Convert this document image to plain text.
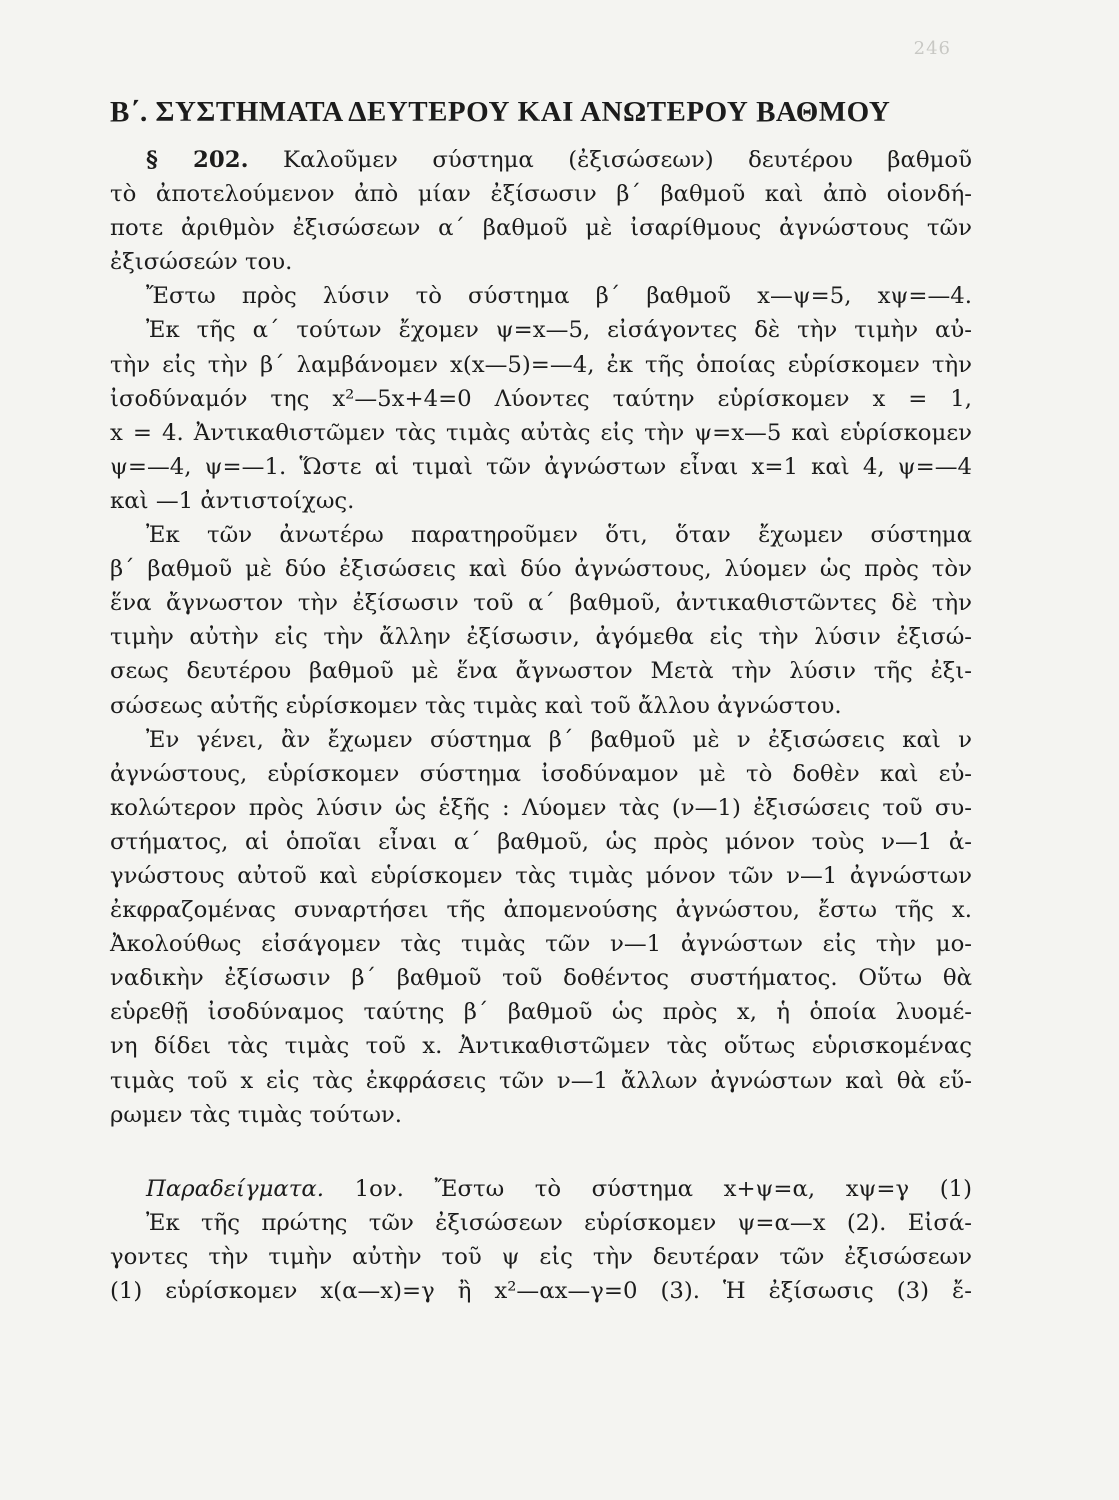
246
Β΄. ΣΥΣΤΗΜΑΤΑ ΔΕΥΤΕΡΟΥ ΚΑΙ ΑΝΩΤΕΡΟΥ ΒΑΘΜΟΥ
§ 202. Καλοῦμεν σύστημα (ἐξισώσεων) δευτέρου βαθμοῦ
τὸ ἀποτελούμενον ἀπὸ μίαν ἐξίσωσιν β΄ βαθμοῦ καὶ ἀπὸ οἱονδή-
ποτε ἀριθμὸν ἐξισώσεων α΄ βαθμοῦ μὲ ἰσαρίθμους ἀγνώστους τῶν
ἐξισώσεών του.
Ἔστω πρὸς λύσιν τὸ σύστημα β΄ βαθμοῦ x—ψ=5, xψ=—4.
Ἐκ τῆς α΄ τούτων ἔχομεν ψ=x—5, εἰσάγοντες δὲ τὴν τιμὴν αὐ-
τὴν εἰς τὴν β΄ λαμβάνομεν x(x—5)=—4, ἐκ τῆς ὁποίας εὑρίσκομεν τὴν
ἰσοδύναμόν της x²—5x+4=0 Λύοντες ταύτην εὑρίσκομεν x = 1,
x = 4. Ἀντικαθιστῶμεν τὰς τιμὰς αὐτὰς εἰς τὴν ψ=x—5 καὶ εὑρίσκομεν
ψ=—4, ψ=—1. Ὥστε αἱ τιμαὶ τῶν ἀγνώστων εἶναι x=1 καὶ 4, ψ=—4
καὶ —1 ἀντιστοίχως.
Ἐκ τῶν ἀνωτέρω παρατηροῦμεν ὅτι, ὅταν ἔχωμεν σύστημα
β΄ βαθμοῦ μὲ δύο ἐξισώσεις καὶ δύο ἀγνώστους, λύομεν ὡς πρὸς τὸν
ἕνα ἄγνωστον τὴν ἐξίσωσιν τοῦ α΄ βαθμοῦ, ἀντικαθιστῶντες δὲ τὴν
τιμὴν αὐτὴν εἰς τὴν ἄλλην ἐξίσωσιν, ἀγόμεθα εἰς τὴν λύσιν ἐξισώ-
σεως δευτέρου βαθμοῦ μὲ ἕνα ἄγνωστον Μετὰ τὴν λύσιν τῆς ἐξι-
σώσεως αὐτῆς εὑρίσκομεν τὰς τιμὰς καὶ τοῦ ἄλλου ἀγνώστου.
Ἐν γένει, ἂν ἔχωμεν σύστημα β΄ βαθμοῦ μὲ ν ἐξισώσεις καὶ ν
ἀγνώστους, εὑρίσκομεν σύστημα ἰσοδύναμον μὲ τὸ δοθὲν καὶ εὐ-
κολώτερον πρὸς λύσιν ὡς ἑξῆς : Λύομεν τὰς (ν—1) ἐξισώσεις τοῦ συ-
στήματος, αἱ ὁποῖαι εἶναι α΄ βαθμοῦ, ὡς πρὸς μόνον τοὺς ν—1 ἀ-
γνώστους αὐτοῦ καὶ εὑρίσκομεν τὰς τιμὰς μόνον τῶν ν—1 ἀγνώστων
ἐκφραζομένας συναρτήσει τῆς ἀπομενούσης ἀγνώστου, ἔστω τῆς x.
Ἀκολούθως εἰσάγομεν τὰς τιμὰς τῶν ν—1 ἀγνώστων εἰς τὴν μο-
ναδικὴν ἐξίσωσιν β΄ βαθμοῦ τοῦ δοθέντος συστήματος. Οὕτω θὰ
εὑρεθῇ ἰσοδύναμος ταύτης β΄ βαθμοῦ ὡς πρὸς x, ἡ ὁποία λυομέ-
νη δίδει τὰς τιμὰς τοῦ x. Ἀντικαθιστῶμεν τὰς οὕτως εὑρισκομένας
τιμὰς τοῦ x εἰς τὰς ἐκφράσεις τῶν ν—1 ἄλλων ἀγνώστων καὶ θὰ εὕ-
ρωμεν τὰς τιμὰς τούτων.
Παραδείγματα. 1ον. Ἔστω τὸ σύστημα x+ψ=α, xψ=γ (1)
Ἐκ τῆς πρώτης τῶν ἐξισώσεων εὑρίσκομεν ψ=α—x (2). Εἰσά-
γοντες τὴν τιμὴν αὐτὴν τοῦ ψ εἰς τὴν δευτέραν τῶν ἐξισώσεων
(1) εὑρίσκομεν x(α—x)=γ ἢ x²—αx—γ=0 (3). Ἡ ἐξίσωσις (3) ἔ-
